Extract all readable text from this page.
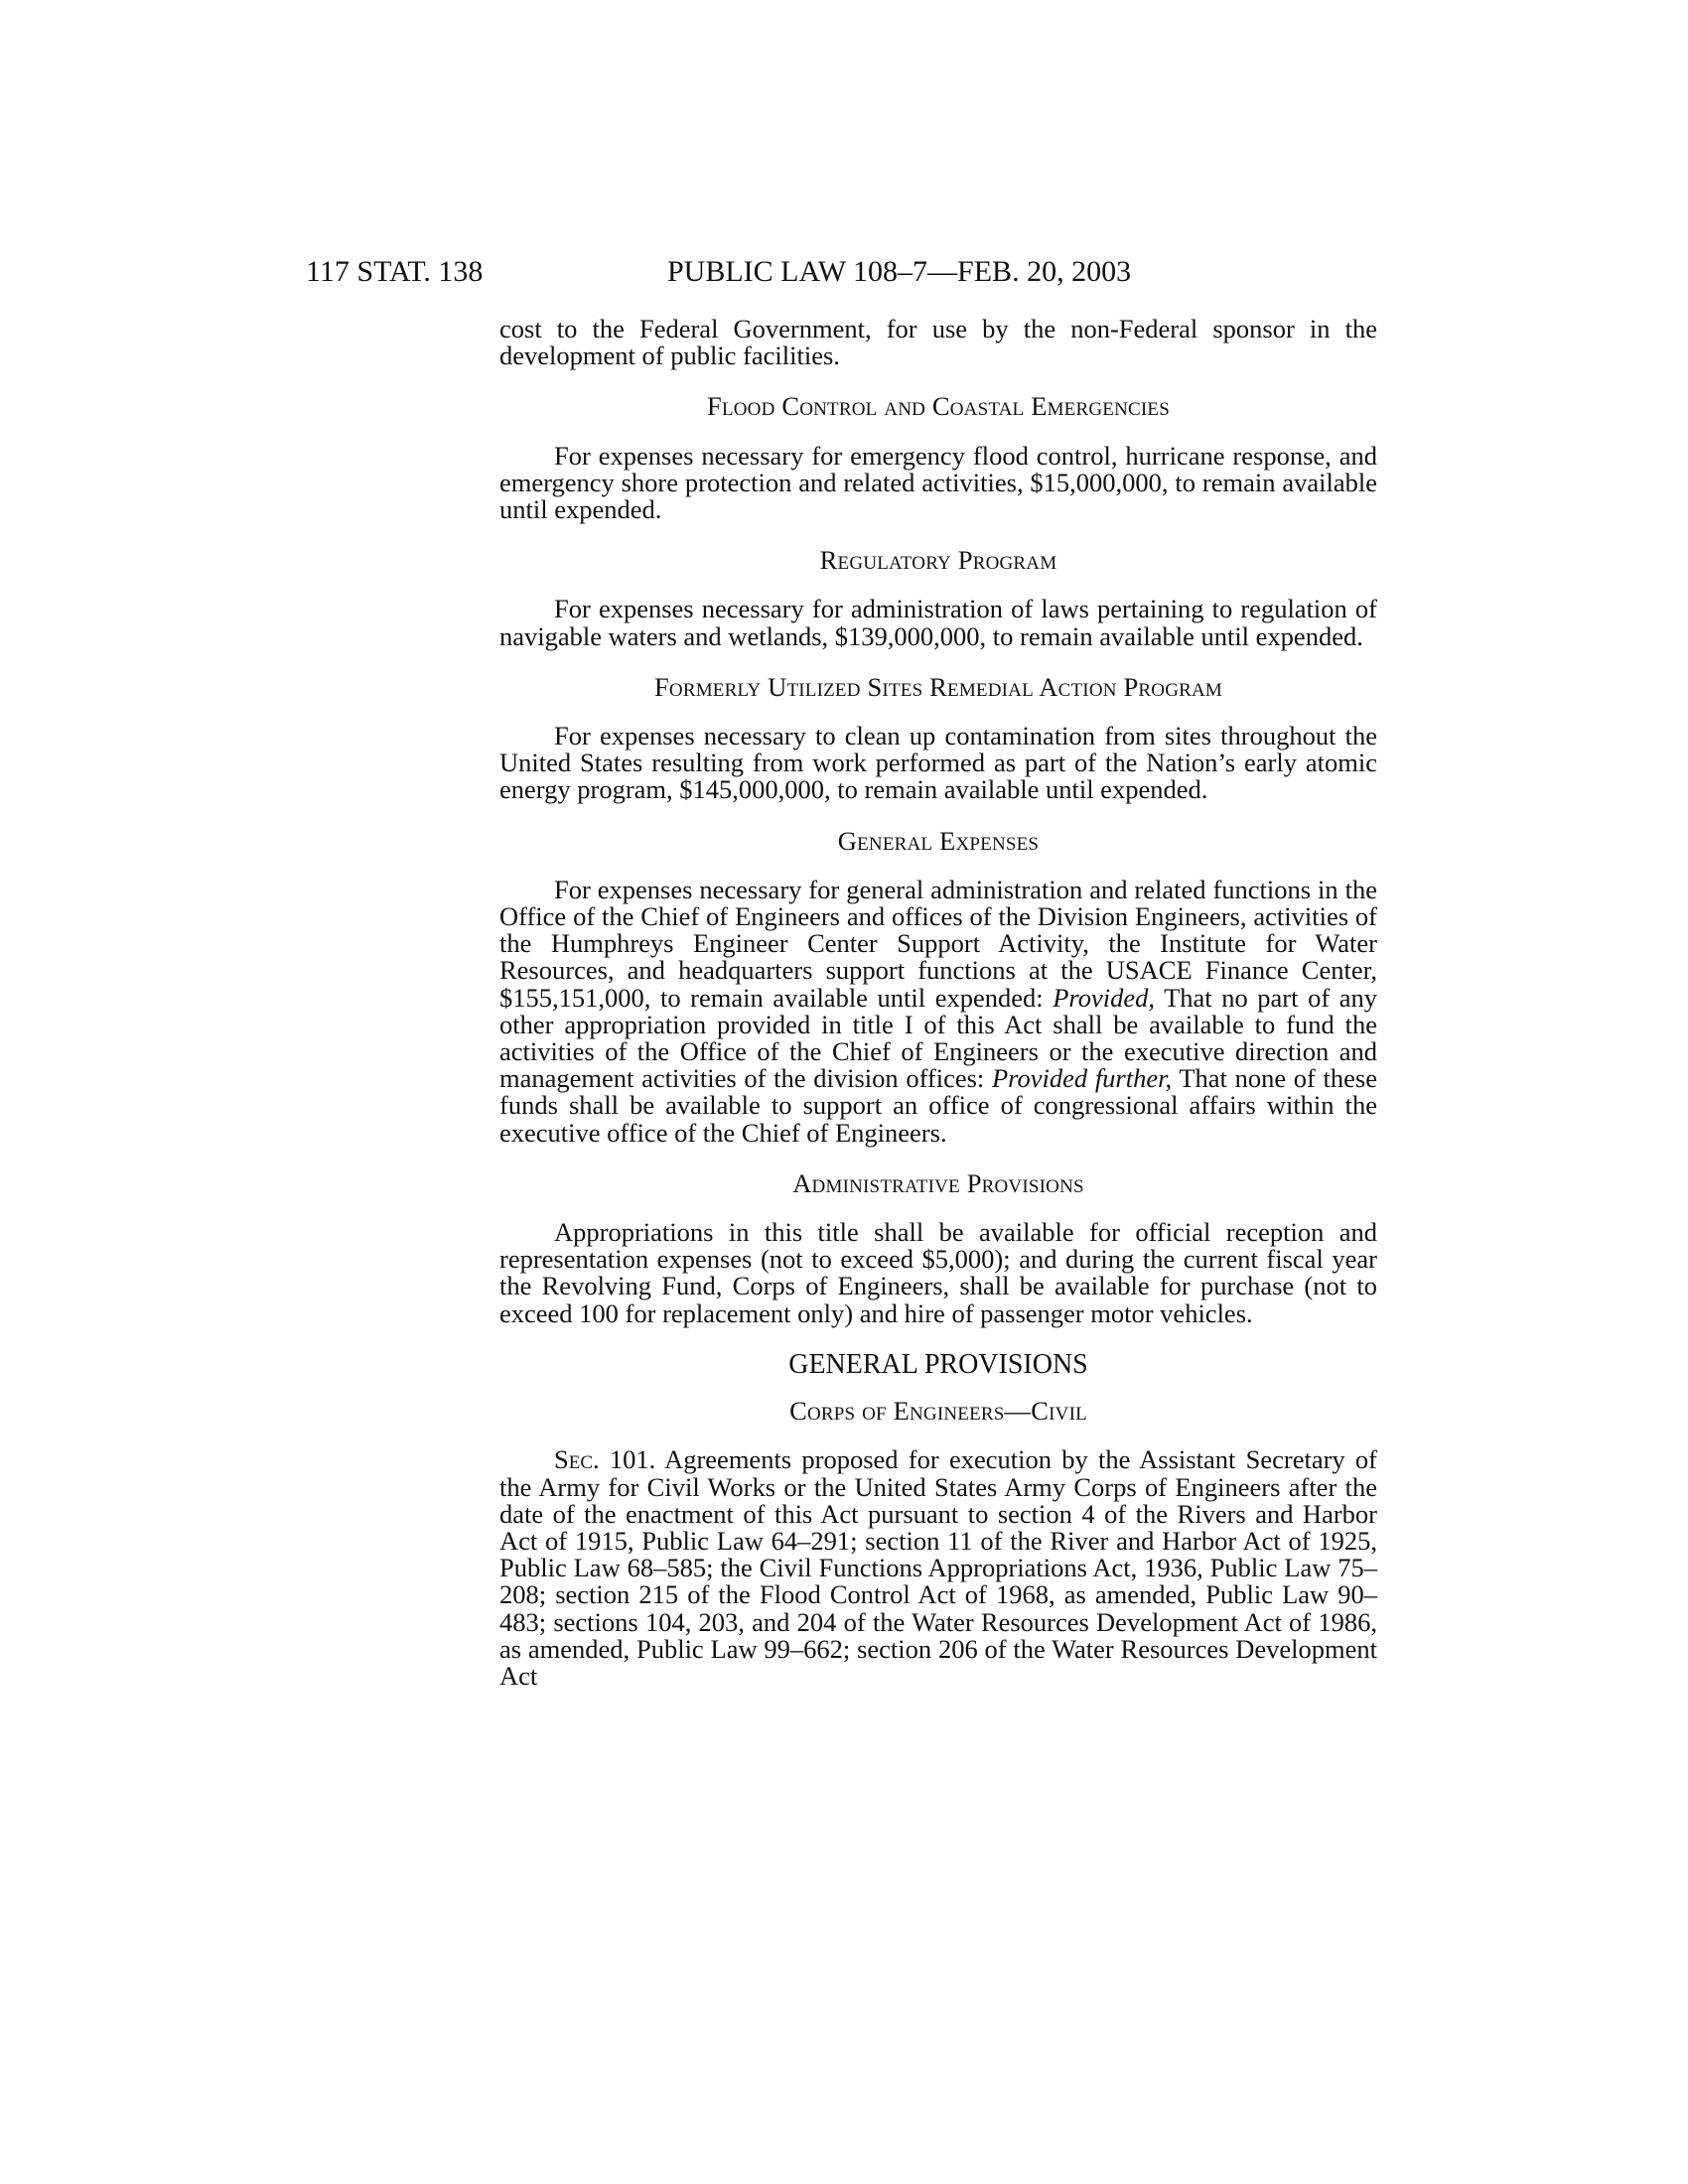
117 STAT. 138	PUBLIC LAW 108–7—FEB. 20, 2003

cost to the Federal Government, for use by the non-Federal sponsor in the development of public facilities.

Flood Control and Coastal Emergencies

For expenses necessary for emergency flood control, hurricane response, and emergency shore protection and related activities, $15,000,000, to remain available until expended.

Regulatory Program

For expenses necessary for administration of laws pertaining to regulation of navigable waters and wetlands, $139,000,000, to remain available until expended.

Formerly Utilized Sites Remedial Action Program

For expenses necessary to clean up contamination from sites throughout the United States resulting from work performed as part of the Nation’s early atomic energy program, $145,000,000, to remain available until expended.

General Expenses

For expenses necessary for general administration and related functions in the Office of the Chief of Engineers and offices of the Division Engineers, activities of the Humphreys Engineer Center Support Activity, the Institute for Water Resources, and headquarters support functions at the USACE Finance Center, $155,151,000, to remain available until expended: Provided, That no part of any other appropriation provided in title I of this Act shall be available to fund the activities of the Office of the Chief of Engineers or the executive direction and management activities of the division offices: Provided further, That none of these funds shall be available to support an office of congressional affairs within the executive office of the Chief of Engineers.

Administrative Provisions

Appropriations in this title shall be available for official reception and representation expenses (not to exceed $5,000); and during the current fiscal year the Revolving Fund, Corps of Engineers, shall be available for purchase (not to exceed 100 for replacement only) and hire of passenger motor vehicles.

GENERAL PROVISIONS

Corps of Engineers—Civil

Sec. 101. Agreements proposed for execution by the Assistant Secretary of the Army for Civil Works or the United States Army Corps of Engineers after the date of the enactment of this Act pursuant to section 4 of the Rivers and Harbor Act of 1915, Public Law 64–291; section 11 of the River and Harbor Act of 1925, Public Law 68–585; the Civil Functions Appropriations Act, 1936, Public Law 75–208; section 215 of the Flood Control Act of 1968, as amended, Public Law 90–483; sections 104, 203, and 204 of the Water Resources Development Act of 1986, as amended, Public Law 99–662; section 206 of the Water Resources Development Act
